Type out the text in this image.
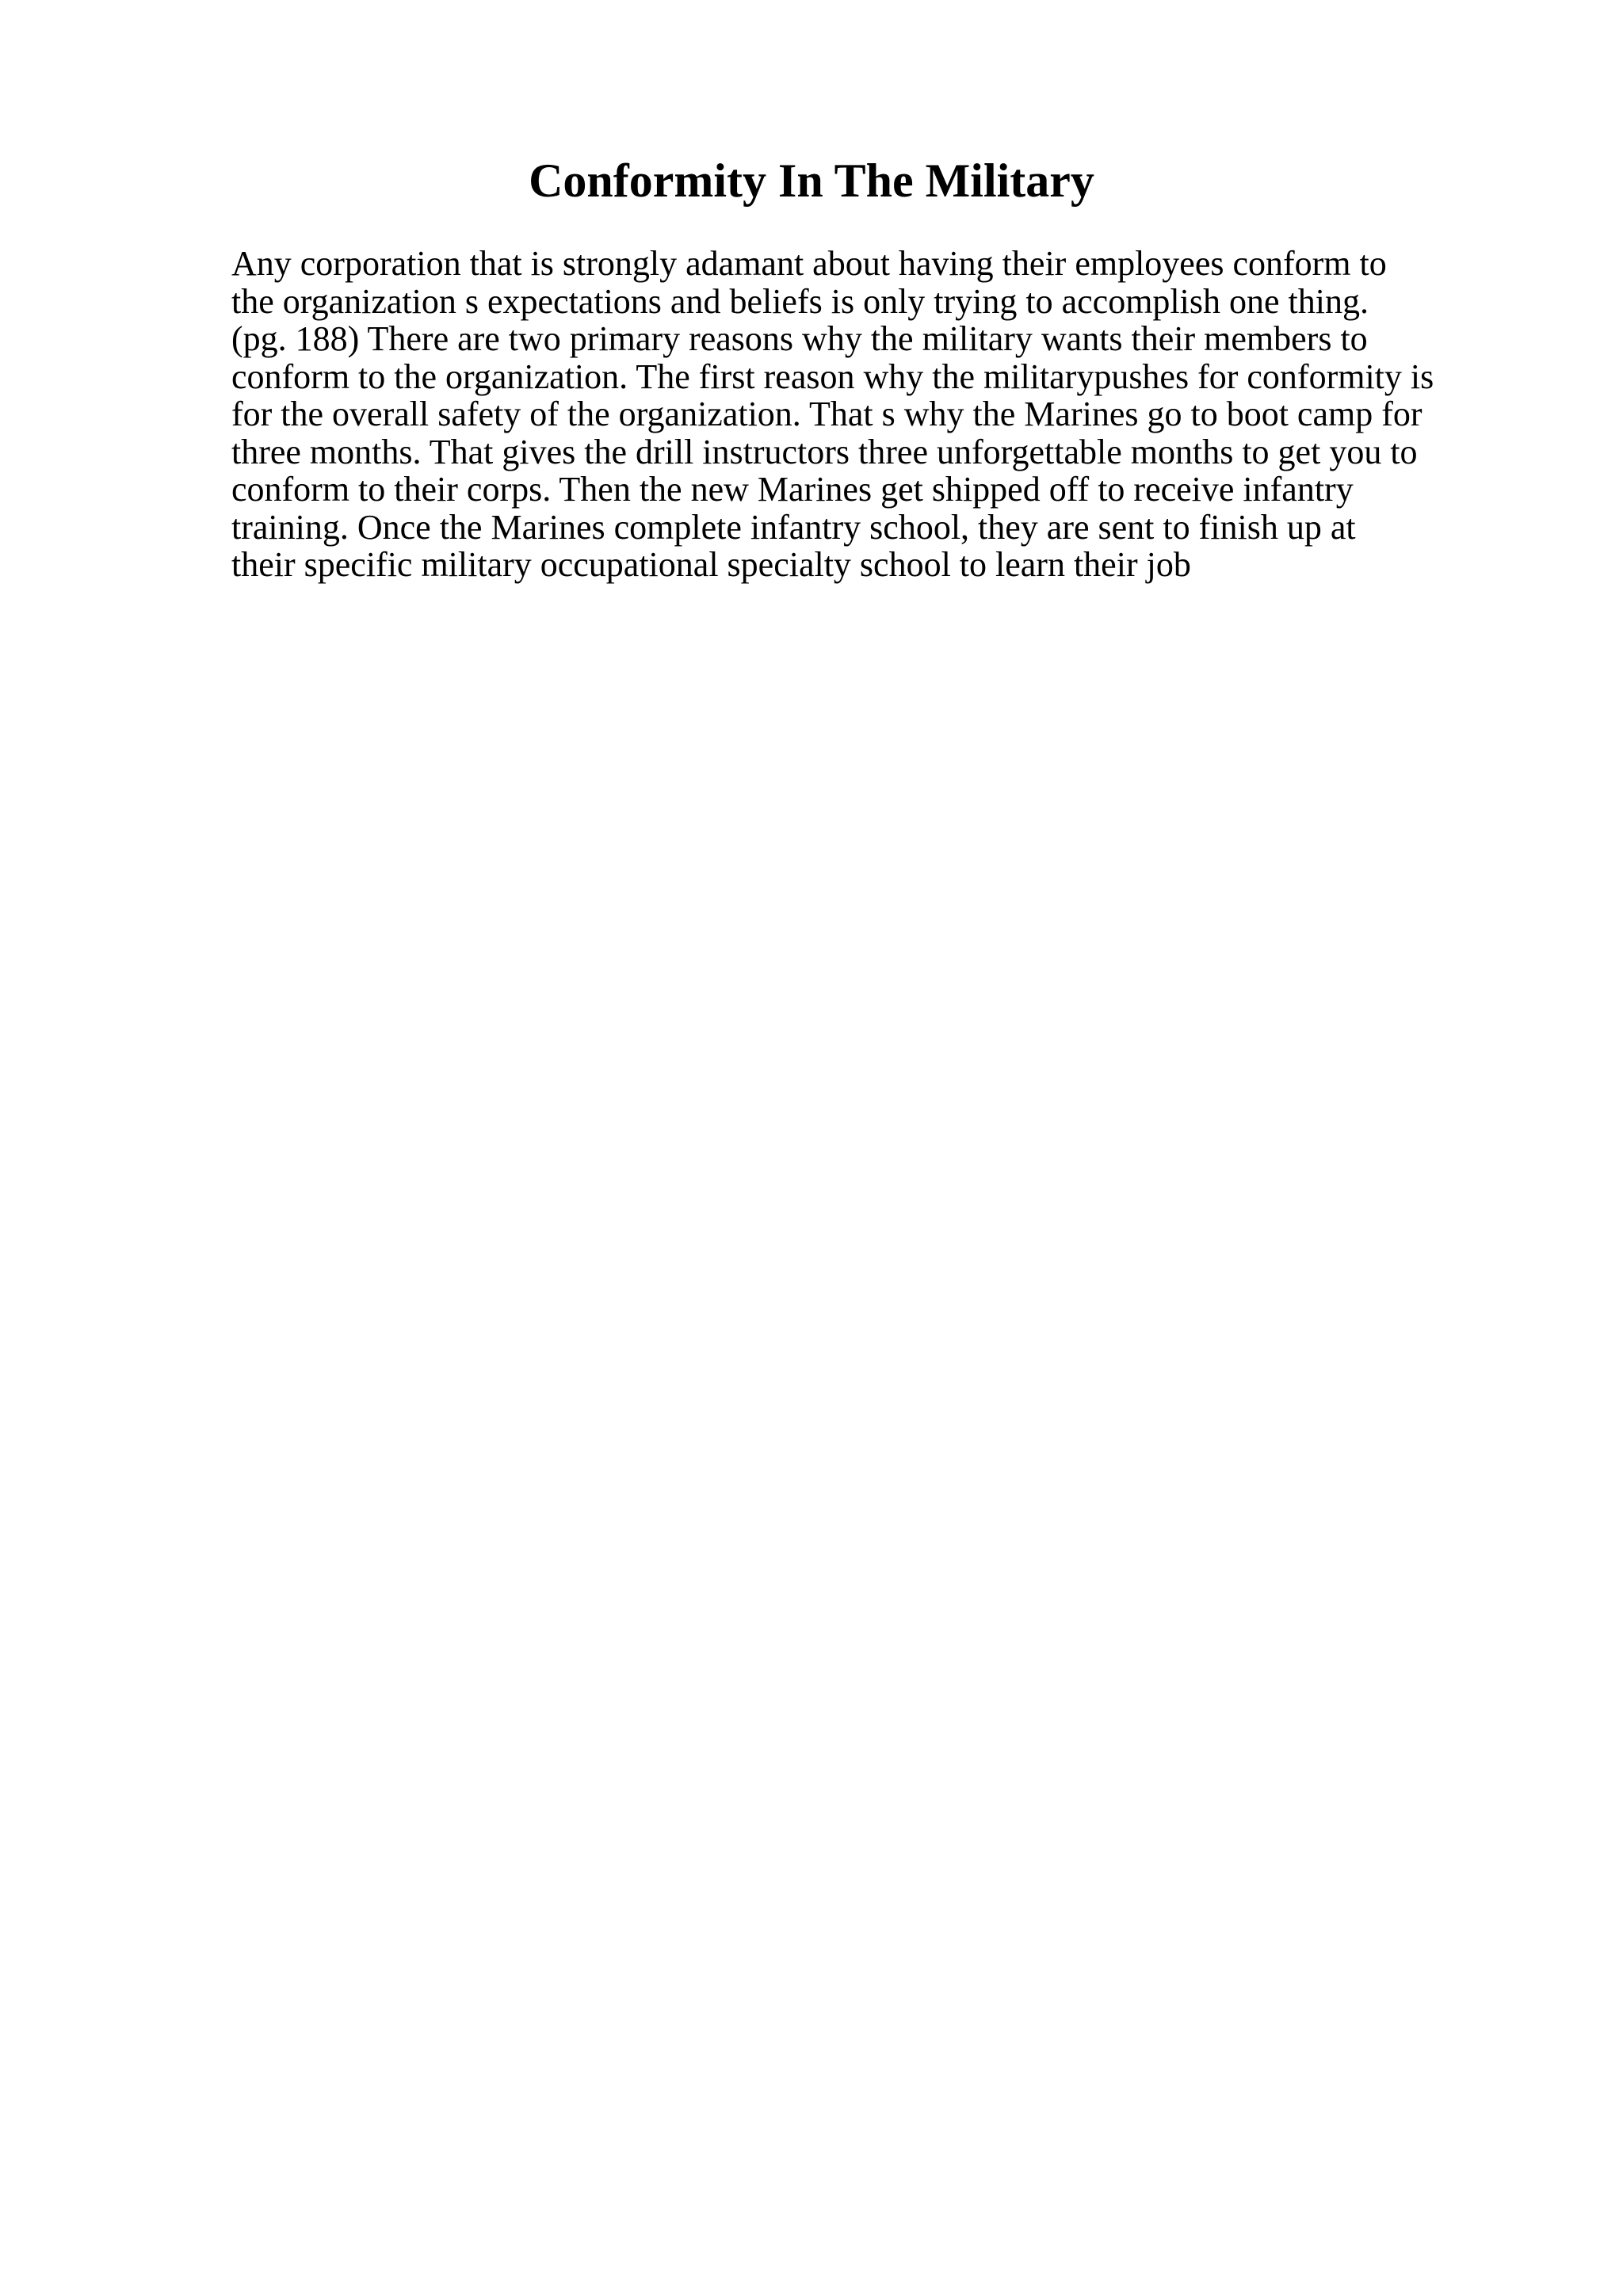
Conformity In The Military
Any corporation that is strongly adamant about having their employees conform to
the organization s expectations and beliefs is only trying to accomplish one thing.
(pg. 188) There are two primary reasons why the military wants their members to
conform to the organization. The first reason why the militarypushes for conformity is
for the overall safety of the organization. That s why the Marines go to boot camp for
three months. That gives the drill instructors three unforgettable months to get you to
conform to their corps. Then the new Marines get shipped off to receive infantry
training. Once the Marines complete infantry school, they are sent to finish up at
their specific military occupational specialty school to learn their job
